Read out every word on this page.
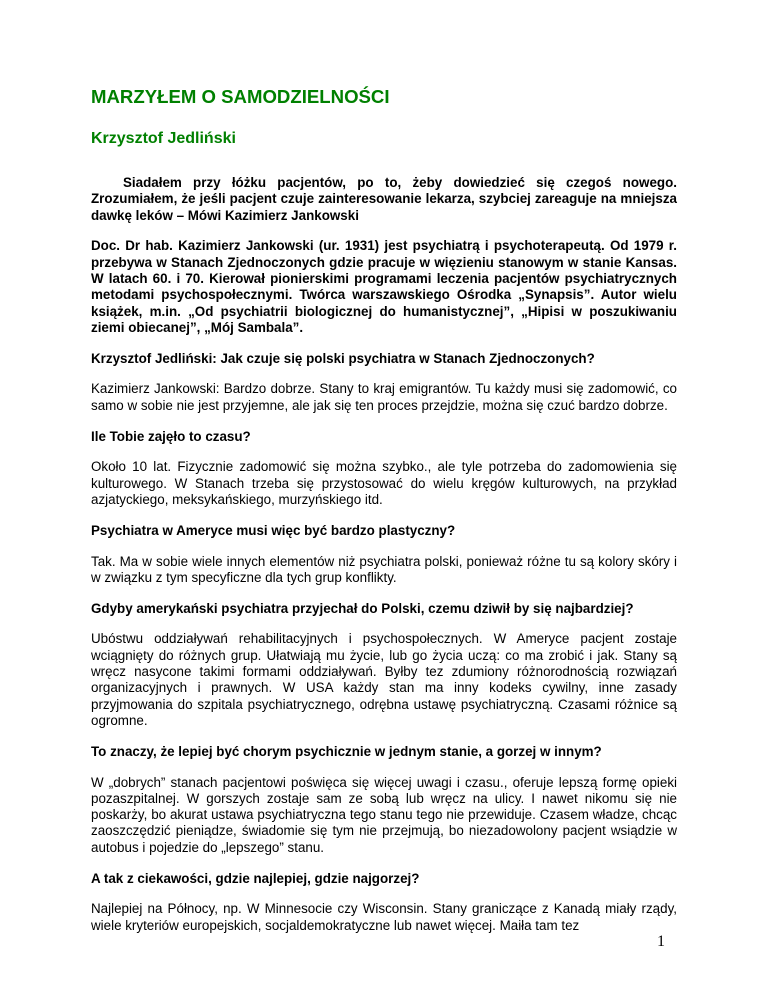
MARZYŁEM O SAMODZIELNOŚCI
Krzysztof Jedliński

Siadałem przy łóżku pacjentów, po to, żeby dowiedzieć się czegoś nowego. Zrozumiałem, że jeśli pacjent czuje zainteresowanie lekarza, szybciej zareaguje na mniejsza dawkę leków – Mówi Kazimierz Jankowski

Doc. Dr hab. Kazimierz Jankowski (ur. 1931) jest psychiatrą i psychoterapeutą. Od 1979 r. przebywa w Stanach Zjednoczonych gdzie pracuje w więzieniu stanowym w stanie Kansas. W latach 60. i 70. Kierował pionierskimi programami leczenia pacjentów psychiatrycznych metodami psychospołecznymi. Twórca warszawskiego Ośrodka „Synapsis”. Autor wielu książek, m.in. „Od psychiatrii biologicznej do humanistycznej”, „Hipisi w poszukiwaniu ziemi obiecanej”, „Mój Sambala”.

Krzysztof Jedliński: Jak czuje się polski psychiatra w Stanach Zjednoczonych?

Kazimierz Jankowski: Bardzo dobrze. Stany to kraj emigrantów. Tu każdy musi się zadomowić, co samo w sobie nie jest przyjemne, ale jak się ten proces przejdzie, można się czuć bardzo dobrze.

Ile Tobie zajęło to czasu?

Około 10 lat. Fizycznie zadomowić się można szybko., ale tyle potrzeba do zadomowienia się kulturowego. W Stanach trzeba się przystosować do wielu kręgów kulturowych, na przykład azjatyckiego, meksykańskiego, murzyńskiego itd.

Psychiatra w Ameryce musi więc być bardzo plastyczny?

Tak. Ma w sobie wiele innych elementów niż psychiatra polski, ponieważ różne tu są kolory skóry i w związku z tym specyficzne dla tych grup konflikty.

Gdyby amerykański psychiatra przyjechał do Polski, czemu dziwił by się najbardziej?

Ubóstwu oddziaływań rehabilitacyjnych i psychospołecznych. W Ameryce pacjent zostaje wciągnięty do różnych grup. Ułatwiają mu życie, lub go życia uczą: co ma zrobić i jak. Stany są wręcz nasycone takimi formami oddziaływań. Byłby tez zdumiony różnorodnością rozwiązań organizacyjnych i prawnych. W USA każdy stan ma inny kodeks cywilny, inne zasady przyjmowania do szpitala psychiatrycznego, odrębna ustawę psychiatryczną. Czasami różnice są ogromne.

To znaczy, że lepiej być chorym psychicznie w jednym stanie, a gorzej w innym?

W „dobrych” stanach pacjentowi poświęca się więcej uwagi i czasu., oferuje lepszą formę opieki pozaszpitalnej. W gorszych zostaje sam ze sobą lub wręcz na ulicy. I nawet nikomu się nie poskarży, bo akurat ustawa psychiatryczna tego stanu tego nie przewiduje. Czasem władze, chcąc zaoszczędzić pieniądze, świadomie się tym nie przejmują, bo niezadowolony pacjent wsiądzie w autobus i pojedzie do „lepszego” stanu.

A tak z ciekawości, gdzie najlepiej, gdzie najgorzej?

Najlepiej na Północy, np. W Minnesocie czy Wisconsin. Stany graniczące z Kanadą miały rządy, wiele kryteriów europejskich, socjaldemokratyczne lub nawet więcej. Maiła tam tez

1
